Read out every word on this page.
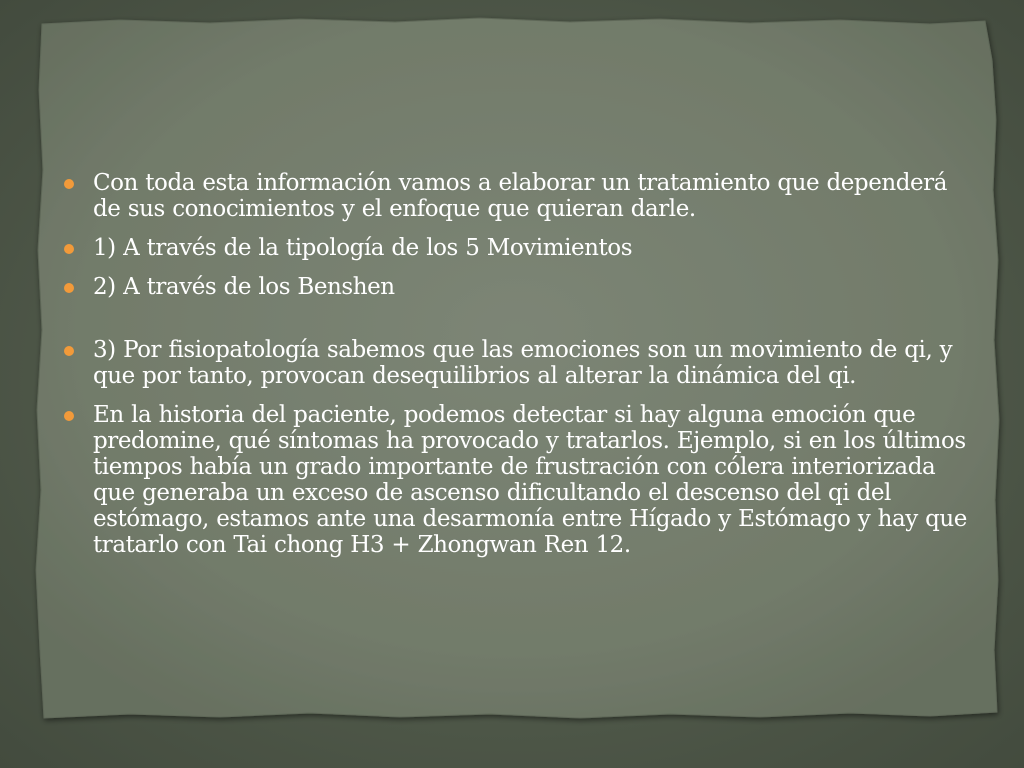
Con toda esta información vamos a elaborar un tratamiento que dependerá de sus conocimientos y el enfoque que quieran darle.
1) A través de la tipología de los 5 Movimientos
2) A través de los Benshen
3) Por fisiopatología sabemos que las emociones son un movimiento de qi, y que por tanto, provocan desequilibrios al alterar la dinámica del qi.
En la historia del paciente, podemos detectar si hay alguna emoción que predomine, qué síntomas ha provocado y tratarlos. Ejemplo, si en los últimos tiempos había un grado importante de frustración con cólera interiorizada que generaba un exceso de ascenso dificultando el descenso del qi del estómago, estamos ante una desarmonía entre Hígado y Estómago y hay que tratarlo con Tai chong H3 + Zhongwan Ren 12.
